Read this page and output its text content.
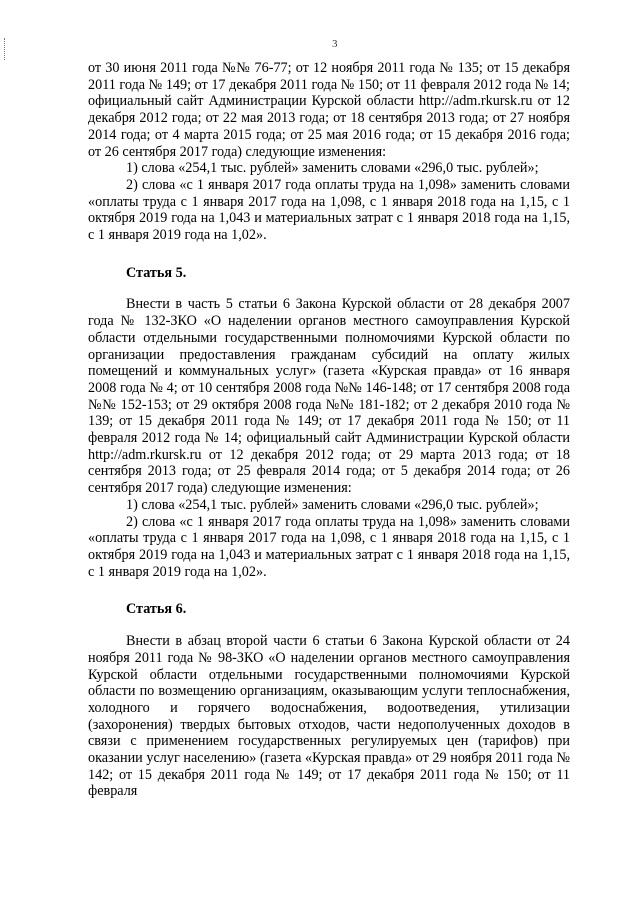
3

от 30 июня 2011 года №№ 76-77; от 12 ноября 2011 года № 135; от 15 декабря 2011 года № 149; от 17 декабря 2011 года № 150; от 11 февраля 2012 года № 14; официальный сайт Администрации Курской области http://adm.rkursk.ru от 12 декабря 2012 года; от 22 мая 2013 года; от 18 сентября 2013 года; от 27 ноября 2014 года; от 4 марта 2015 года; от 25 мая 2016 года; от 15 декабря 2016 года; от 26 сентября 2017 года) следующие изменения:

1) слова «254,1 тыс. рублей» заменить словами «296,0 тыс. рублей»;

2) слова «с 1 января 2017 года оплаты труда на 1,098» заменить словами «оплаты труда с 1 января 2017 года на 1,098, с 1 января 2018 года на 1,15, с 1 октября 2019 года на 1,043 и материальных затрат с 1 января 2018 года на 1,15, с 1 января 2019 года на 1,02».

Статья 5.

Внести в часть 5 статьи 6 Закона Курской области от 28 декабря 2007 года № 132-ЗКО «О наделении органов местного самоуправления Курской области отдельными государственными полномочиями Курской области по организации предоставления гражданам субсидий на оплату жилых помещений и коммунальных услуг» (газета «Курская правда» от 16 января 2008 года № 4; от 10 сентября 2008 года №№ 146-148; от 17 сентября 2008 года №№ 152-153; от 29 октября 2008 года №№ 181-182; от 2 декабря 2010 года № 139; от 15 декабря 2011 года № 149; от 17 декабря 2011 года № 150; от 11 февраля 2012 года № 14; официальный сайт Администрации Курской области http://adm.rkursk.ru от 12 декабря 2012 года; от 29 марта 2013 года; от 18 сентября 2013 года; от 25 февраля 2014 года; от 5 декабря 2014 года; от 26 сентября 2017 года) следующие изменения:

1) слова «254,1 тыс. рублей» заменить словами «296,0 тыс. рублей»;

2) слова «с 1 января 2017 года оплаты труда на 1,098» заменить словами «оплаты труда с 1 января 2017 года на 1,098, с 1 января 2018 года на 1,15, с 1 октября 2019 года на 1,043 и материальных затрат с 1 января 2018 года на 1,15, с 1 января 2019 года на 1,02».

Статья 6.

Внести в абзац второй части 6 статьи 6 Закона Курской области от 24 ноября 2011 года № 98-ЗКО «О наделении органов местного самоуправления Курской области отдельными государственными полномочиями Курской области по возмещению организациям, оказывающим услуги теплоснабжения, холодного и горячего водоснабжения, водоотведения, утилизации (захоронения) твердых бытовых отходов, части недополученных доходов в связи с применением государственных регулируемых цен (тарифов) при оказании услуг населению» (газета «Курская правда» от 29 ноября 2011 года № 142; от 15 декабря 2011 года № 149; от 17 декабря 2011 года № 150; от 11 февраля
